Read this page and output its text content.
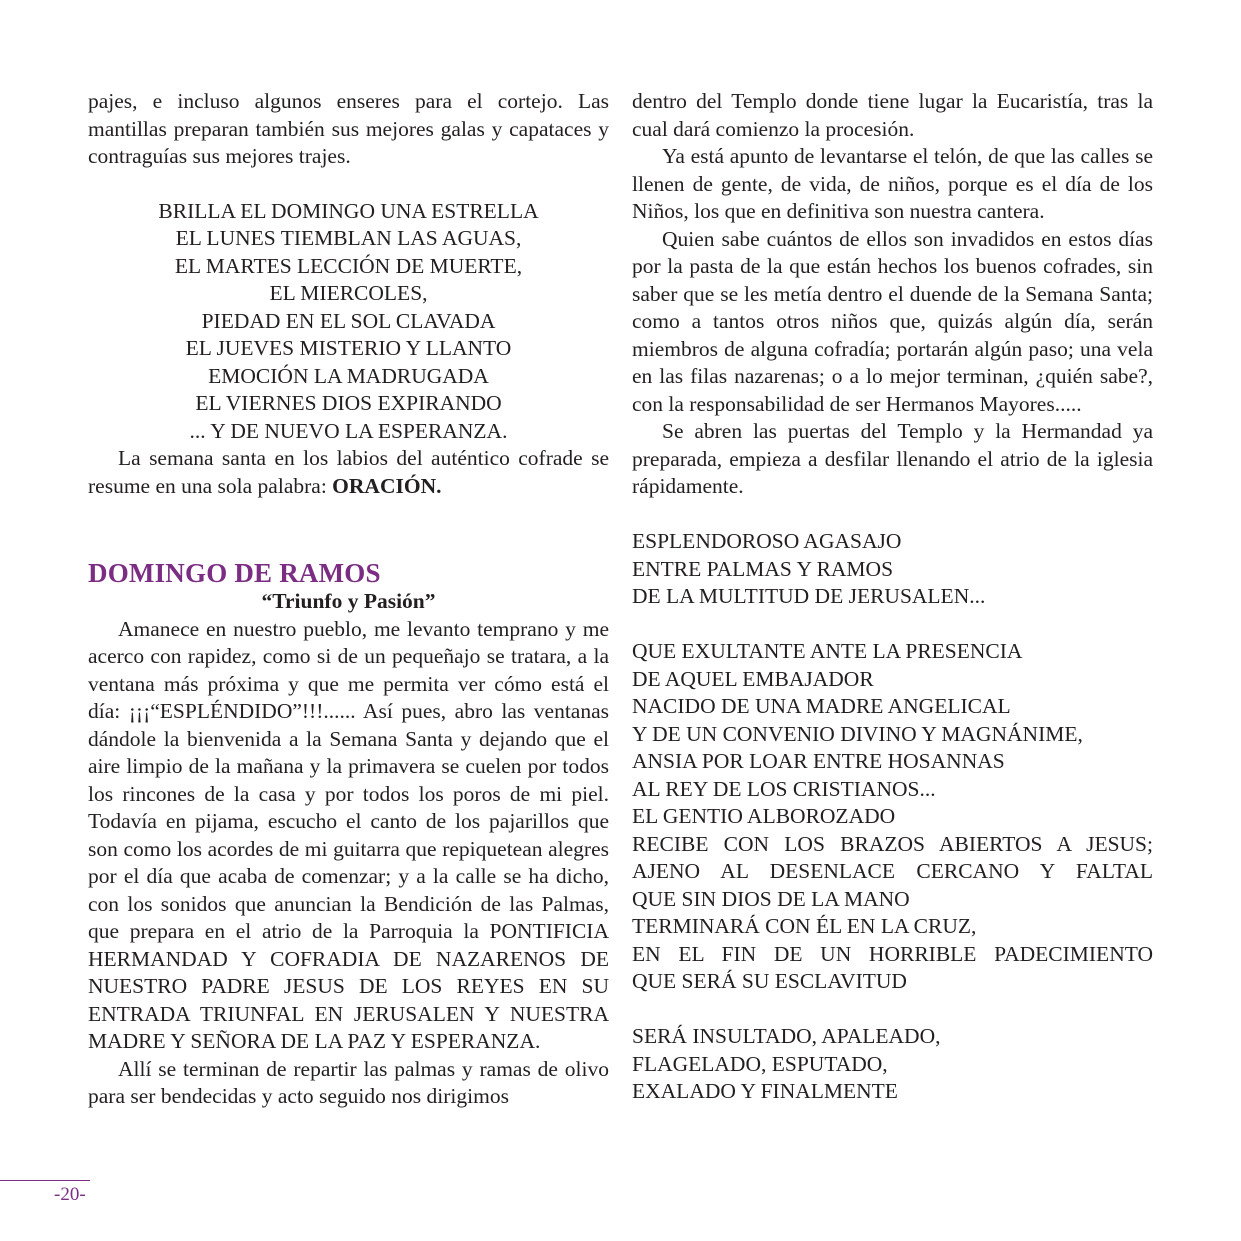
pajes, e incluso algunos enseres para el cortejo. Las mantillas preparan también sus mejores galas y capataces y contraguías sus mejores trajes.

BRILLA EL DOMINGO UNA ESTRELLA
EL LUNES TIEMBLAN LAS AGUAS,
EL MARTES LECCIÓN DE MUERTE,
EL MIERCOLES,
PIEDAD EN EL SOL CLAVADA
EL JUEVES MISTERIO Y LLANTO
EMOCIÓN LA MADRUGADA
EL VIERNES DIOS EXPIRANDO
... Y DE NUEVO LA ESPERANZA.

La semana santa en los labios del auténtico cofrade se resume en una sola palabra: ORACIÓN.

DOMINGO DE RAMOS

“Triunfo y Pasión”

Amanece en nuestro pueblo, me levanto temprano y me acerco con rapidez, como si de un pequeñajo se tratara, a la ventana más próxima y que me permita ver cómo está el día: ¡¡¡“ESPLÉNDIDO”!!!...... Así pues, abro las ventanas dándole la bienvenida a la Semana Santa y dejando que el aire limpio de la mañana y la primavera se cuelen por todos los rincones de la casa y por todos los poros de mi piel. Todavía en pijama, escucho el canto de los pajarillos que son como los acordes de mi guitarra que repiquetean alegres por el día que acaba de comenzar; y a la calle se ha dicho, con los sonidos que anuncian la Bendición de las Palmas, que prepara en el atrio de la Parroquia la PONTIFICIA HERMANDAD Y COFRADIA DE NAZARENOS DE NUESTRO PADRE JESUS DE LOS REYES EN SU ENTRADA TRIUNFAL EN JERUSALEN Y NUESTRA MADRE Y SEÑORA DE LA PAZ Y ESPERANZA.

Allí se terminan de repartir las palmas y ramas de olivo para ser bendecidas y acto seguido nos dirigimos

dentro del Templo donde tiene lugar la Eucaristía, tras la cual dará comienzo la procesión.

Ya está apunto de levantarse el telón, de que las calles se llenen de gente, de vida, de niños, porque es el día de los Niños, los que en definitiva son nuestra cantera.

Quien sabe cuántos de ellos son invadidos en estos días por la pasta de la que están hechos los buenos cofrades, sin saber que se les metía dentro el duende de la Semana Santa; como a tantos otros niños que, quizás algún día, serán miembros de alguna cofradía; portarán algún paso; una vela en las filas nazarenas; o a lo mejor terminan, ¿quién sabe?, con la responsabilidad de ser Hermanos Mayores.....

Se abren las puertas del Templo y la Hermandad ya preparada, empieza a desfilar llenando el atrio de la iglesia rápidamente.

ESPLENDOROSO AGASAJO
ENTRE PALMAS Y RAMOS
DE LA MULTITUD DE JERUSALEN...
QUE EXULTANTE ANTE LA PRESENCIA
DE AQUEL EMBAJADOR
NACIDO DE UNA MADRE ANGELICAL
Y DE UN CONVENIO DIVINO Y MAGNÁNIME,
ANSIA POR LOAR ENTRE HOSANNAS
AL REY DE LOS CRISTIANOS...
EL GENTIO ALBOROZADO
RECIBE CON LOS BRAZOS ABIERTOS A JESUS;
AJENO AL DESENLACE CERCANO Y FALTAL
QUE SIN DIOS DE LA MANO
TERMINARÁ CON ÉL EN LA CRUZ,
EN EL FIN DE UN HORRIBLE PADECIMIENTO
QUE SERÁ SU ESCLAVITUD
SERÁ INSULTADO, APALEADO,
FLAGELADO, ESPUTADO,
EXALADO Y FINALMENTE
-20-
